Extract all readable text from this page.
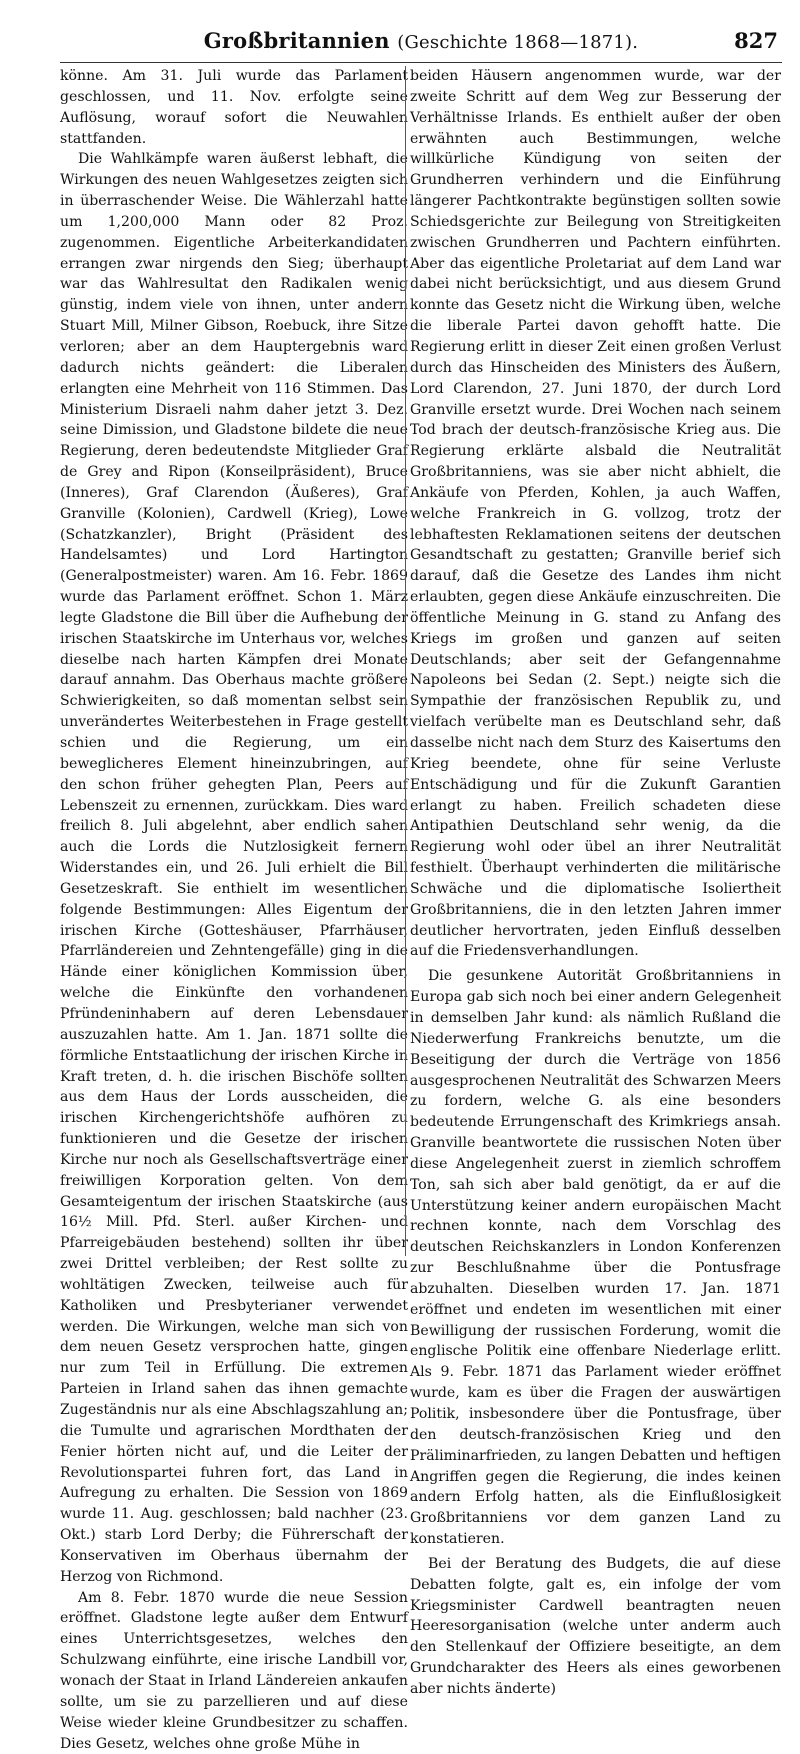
Großbritannien (Geschichte 1868—1871).	827

könne. Am 31. Juli wurde das Parlament geschlossen, und 11. Nov. erfolgte seine Auflösung, worauf sofort die Neuwahlen stattfanden.

Die Wahlkämpfe waren äußerst lebhaft, die Wirkungen des neuen Wahlgesetzes zeigten sich in überraschender Weise. Die Wählerzahl hatte um 1,200,000 Mann oder 82 Proz. zugenommen. Eigentliche Arbeiterkandidaten errangen zwar nirgends den Sieg; überhaupt war das Wahlresultat den Radikalen wenig günstig, indem viele von ihnen, unter andern Stuart Mill, Milner Gibson, Roebuck, ihre Sitze verloren; aber an dem Hauptergebnis ward dadurch nichts geändert: die Liberalen erlangten eine Mehrheit von 116 Stimmen. Das Ministerium Disraeli nahm daher jetzt 3. Dez. seine Dimission, und Gladstone bildete die neue Regierung, deren bedeutendste Mitglieder Graf de Grey and Ripon (Konseilpräsident), Bruce (Inneres), Graf Clarendon (Äußeres), Graf Granville (Kolonien), Cardwell (Krieg), Lowe (Schatzkanzler), Bright (Präsident des Handelsamtes) und Lord Hartington (Generalpostmeister) waren. Am 16. Febr. 1869 wurde das Parlament eröffnet. Schon 1. März legte Gladstone die Bill über die Aufhebung der irischen Staatskirche im Unterhaus vor, welches dieselbe nach harten Kämpfen drei Monate darauf annahm. Das Oberhaus machte größere Schwierigkeiten, so daß momentan selbst sein unverändertes Weiterbestehen in Frage gestellt schien und die Regierung, um ein beweglicheres Element hineinzubringen, auf den schon früher gehegten Plan, Peers auf Lebenszeit zu ernennen, zurückkam. Dies ward freilich 8. Juli abgelehnt, aber endlich sahen auch die Lords die Nutzlosigkeit fernern Widerstandes ein, und 26. Juli erhielt die Bill Gesetzeskraft. Sie enthielt im wesentlichen folgende Bestimmungen: Alles Eigentum der irischen Kirche (Gotteshäuser, Pfarrhäuser, Pfarrländereien und Zehntengefälle) ging in die Hände einer königlichen Kommission über, welche die Einkünfte den vorhandenen Pfründeninhabern auf deren Lebensdauer auszuzahlen hatte. Am 1. Jan. 1871 sollte die förmliche Entstaatlichung der irischen Kirche in Kraft treten, d. h. die irischen Bischöfe sollten aus dem Haus der Lords ausscheiden, die irischen Kirchengerichtshöfe aufhören zu funktionieren und die Gesetze der irischen Kirche nur noch als Gesellschaftsverträge einer freiwilligen Korporation gelten. Von dem Gesamteigentum der irischen Staatskirche (aus 16½ Mill. Pfd. Sterl. außer Kirchen- und Pfarreigebäuden bestehend) sollten ihr über zwei Drittel verbleiben; der Rest sollte zu wohltätigen Zwecken, teilweise auch für Katholiken und Presbyterianer verwendet werden. Die Wirkungen, welche man sich von dem neuen Gesetz versprochen hatte, gingen nur zum Teil in Erfüllung. Die extremen Parteien in Irland sahen das ihnen gemachte Zugeständnis nur als eine Abschlagszahlung an; die Tumulte und agrarischen Mordthaten der Fenier hörten nicht auf, und die Leiter der Revolutionspartei fuhren fort, das Land in Aufregung zu erhalten. Die Session von 1869 wurde 11. Aug. geschlossen; bald nachher (23. Okt.) starb Lord Derby; die Führerschaft der Konservativen im Oberhaus übernahm der Herzog von Richmond.

Am 8. Febr. 1870 wurde die neue Session eröffnet. Gladstone legte außer dem Entwurf eines Unterrichtsgesetzes, welches den Schulzwang einführte, eine irische Landbill vor, wonach der Staat in Irland Ländereien ankaufen sollte, um sie zu parzellieren und auf diese Weise wieder kleine Grundbesitzer zu schaffen. Dies Gesetz, welches ohne große Mühe in

beiden Häusern angenommen wurde, war der zweite Schritt auf dem Weg zur Besserung der Verhältnisse Irlands. Es enthielt außer der oben erwähnten auch Bestimmungen, welche willkürliche Kündigung von seiten der Grundherren verhindern und die Einführung längerer Pachtkontrakte begünstigen sollten sowie Schiedsgerichte zur Beilegung von Streitigkeiten zwischen Grundherren und Pachtern einführten. Aber das eigentliche Proletariat auf dem Land war dabei nicht berücksichtigt, und aus diesem Grund konnte das Gesetz nicht die Wirkung üben, welche die liberale Partei davon gehofft hatte. Die Regierung erlitt in dieser Zeit einen großen Verlust durch das Hinscheiden des Ministers des Äußern, Lord Clarendon, 27. Juni 1870, der durch Lord Granville ersetzt wurde. Drei Wochen nach seinem Tod brach der deutsch-französische Krieg aus. Die Regierung erklärte alsbald die Neutralität Großbritanniens, was sie aber nicht abhielt, die Ankäufe von Pferden, Kohlen, ja auch Waffen, welche Frankreich in G. vollzog, trotz der lebhaftesten Reklamationen seitens der deutschen Gesandtschaft zu gestatten; Granville berief sich darauf, daß die Gesetze des Landes ihm nicht erlaubten, gegen diese Ankäufe einzuschreiten. Die öffentliche Meinung in G. stand zu Anfang des Kriegs im großen und ganzen auf seiten Deutschlands; aber seit der Gefangennahme Napoleons bei Sedan (2. Sept.) neigte sich die Sympathie der französischen Republik zu, und vielfach verübelte man es Deutschland sehr, daß dasselbe nicht nach dem Sturz des Kaisertums den Krieg beendete, ohne für seine Verluste Entschädigung und für die Zukunft Garantien erlangt zu haben. Freilich schadeten diese Antipathien Deutschland sehr wenig, da die Regierung wohl oder übel an ihrer Neutralität festhielt. Überhaupt verhinderten die militärische Schwäche und die diplomatische Isoliertheit Großbritanniens, die in den letzten Jahren immer deutlicher hervortraten, jeden Einfluß desselben auf die Friedensverhandlungen.

Die gesunkene Autorität Großbritanniens in Europa gab sich noch bei einer andern Gelegenheit in demselben Jahr kund: als nämlich Rußland die Niederwerfung Frankreichs benutzte, um die Beseitigung der durch die Verträge von 1856 ausgesprochenen Neutralität des Schwarzen Meers zu fordern, welche G. als eine besonders bedeutende Errungenschaft des Krimkriegs ansah. Granville beantwortete die russischen Noten über diese Angelegenheit zuerst in ziemlich schroffem Ton, sah sich aber bald genötigt, da er auf die Unterstützung keiner andern europäischen Macht rechnen konnte, nach dem Vorschlag des deutschen Reichskanzlers in London Konferenzen zur Beschlußnahme über die Pontusfrage abzuhalten. Dieselben wurden 17. Jan. 1871 eröffnet und endeten im wesentlichen mit einer Bewilligung der russischen Forderung, womit die englische Politik eine offenbare Niederlage erlitt. Als 9. Febr. 1871 das Parlament wieder eröffnet wurde, kam es über die Fragen der auswärtigen Politik, insbesondere über die Pontusfrage, über den deutsch-französischen Krieg und den Präliminarfrieden, zu langen Debatten und heftigen Angriffen gegen die Regierung, die indes keinen andern Erfolg hatten, als die Einflußlosigkeit Großbritanniens vor dem ganzen Land zu konstatieren.

Bei der Beratung des Budgets, die auf diese Debatten folgte, galt es, ein infolge der vom Kriegsminister Cardwell beantragten neuen Heeresorganisation (welche unter anderm auch den Stellenkauf der Offiziere beseitigte, an dem Grundcharakter des Heers als eines geworbenen aber nichts änderte)
